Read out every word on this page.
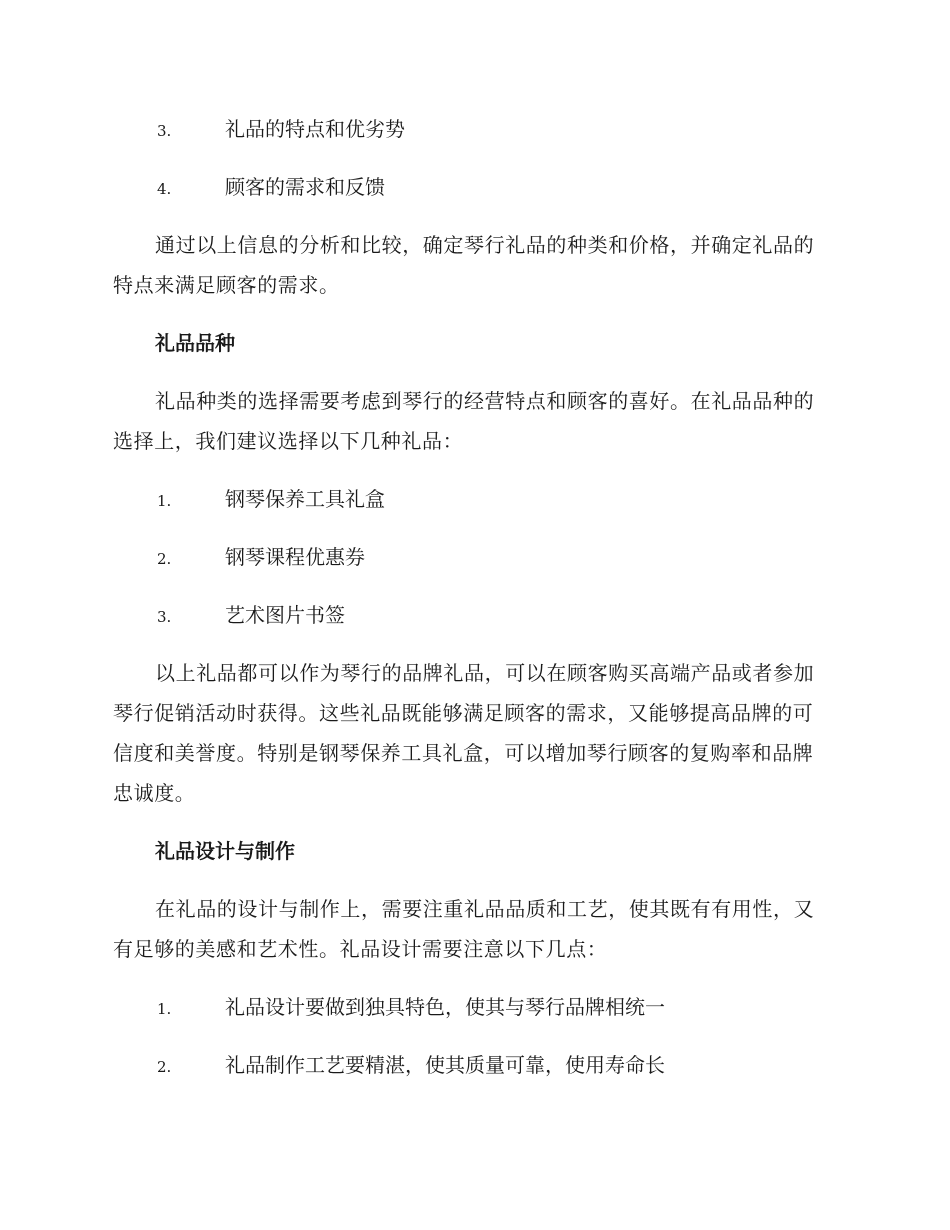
3.	礼品的特点和优劣势
4.	顾客的需求和反馈

通过以上信息的分析和比较，确定琴行礼品的种类和价格，并确定礼品的特点来满足顾客的需求。

礼品品种

礼品种类的选择需要考虑到琴行的经营特点和顾客的喜好。在礼品品种的选择上，我们建议选择以下几种礼品：

1.	钢琴保养工具礼盒
2.	钢琴课程优惠券
3.	艺术图片书签

以上礼品都可以作为琴行的品牌礼品，可以在顾客购买高端产品或者参加琴行促销活动时获得。这些礼品既能够满足顾客的需求，又能够提高品牌的可信度和美誉度。特别是钢琴保养工具礼盒，可以增加琴行顾客的复购率和品牌忠诚度。

礼品设计与制作

在礼品的设计与制作上，需要注重礼品品质和工艺，使其既有有用性，又有足够的美感和艺术性。礼品设计需要注意以下几点：

1.	礼品设计要做到独具特色，使其与琴行品牌相统一
2.	礼品制作工艺要精湛，使其质量可靠，使用寿命长
